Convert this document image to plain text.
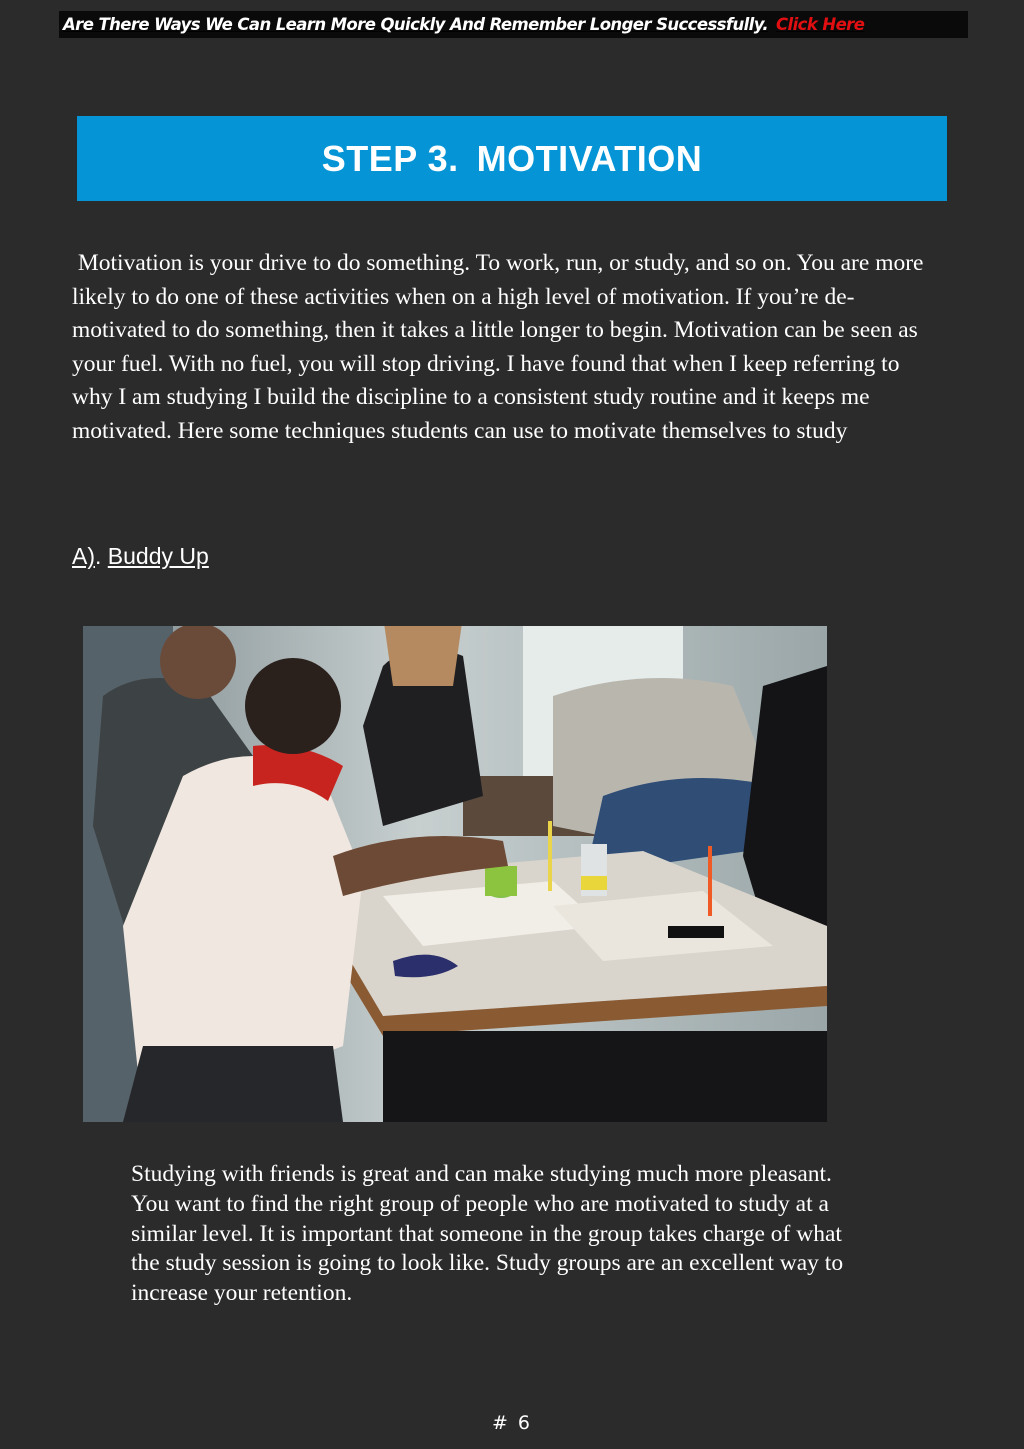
Are There Ways We Can Learn More Quickly And Remember Longer Successfully. Click Here
STEP 3. MOTIVATION

Motivation is your drive to do something. To work, run, or study, and so on. You are more likely to do one of these activities when on a high level of motivation. If you’re de-motivated to do something, then it takes a little longer to begin. Motivation can be seen as your fuel. With no fuel, you will stop driving. I have found that when I keep referring to why I am studying I build the discipline to a consistent study routine and it keeps me motivated. Here some techniques students can use to motivate themselves to study

A). Buddy Up

Studying with friends is great and can make studying much more pleasant. You want to find the right group of people who are motivated to study at a similar level. It is important that someone in the group takes charge of what the study session is going to look like. Study groups are an excellent way to increase your retention.

# 6
